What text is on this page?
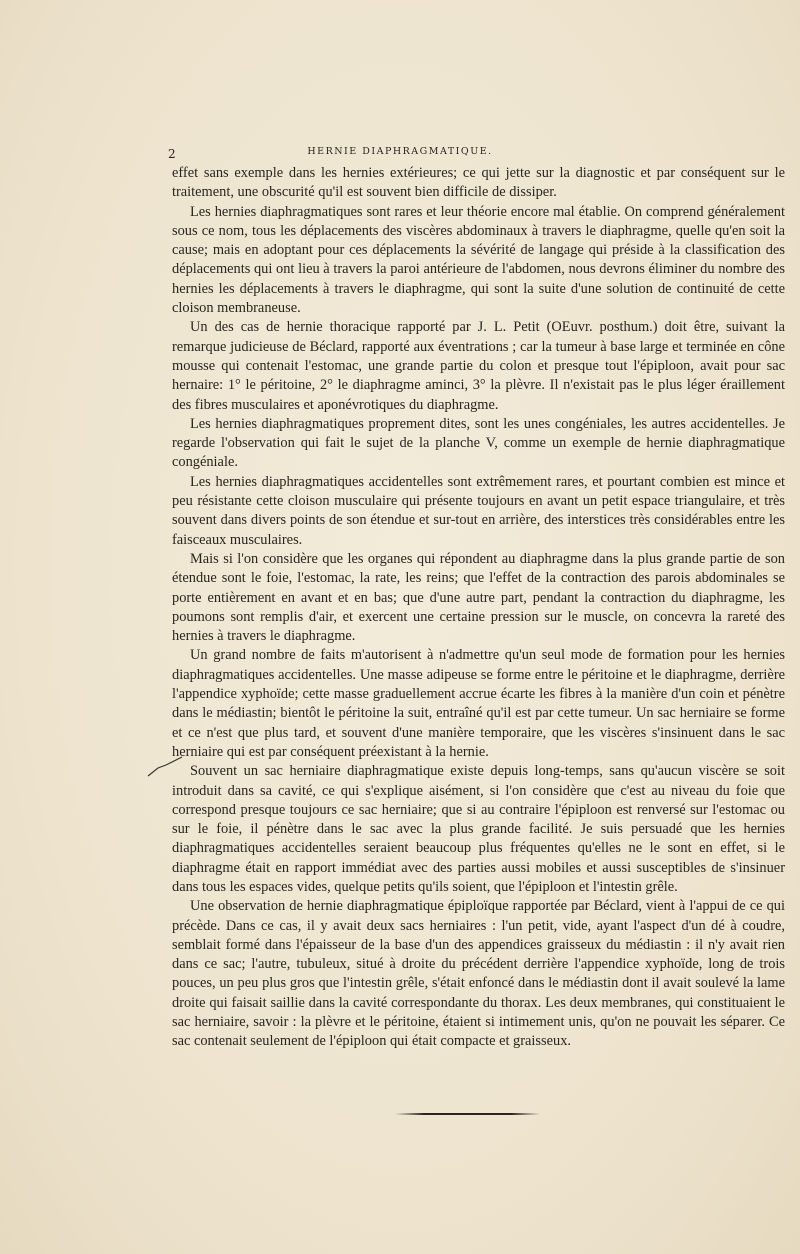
2	HERNIE DIAPHRAGMATIQUE.

effet sans exemple dans les hernies extérieures; ce qui jette sur la diagnostic et par conséquent sur le traitement, une obscurité qu'il est souvent bien difficile de dissiper.

Les hernies diaphragmatiques sont rares et leur théorie encore mal établie. On comprend généralement sous ce nom, tous les déplacements des viscères abdominaux à travers le diaphragme, quelle qu'en soit la cause; mais en adoptant pour ces déplacements la sévérité de langage qui préside à la classification des déplacements qui ont lieu à travers la paroi antérieure de l'abdomen, nous devrons éliminer du nombre des hernies les déplacements à travers le diaphragme, qui sont la suite d'une solution de continuité de cette cloison membraneuse.

Un des cas de hernie thoracique rapporté par J. L. Petit (OEuvr. posthum.) doit être, suivant la remarque judicieuse de Béclard, rapporté aux éventrations ; car la tumeur à base large et terminée en cône mousse qui contenait l'estomac, une grande partie du colon et presque tout l'épiploon, avait pour sac hernaire: 1° le péritoine, 2° le diaphragme aminci, 3° la plèvre. Il n'existait pas le plus léger éraillement des fibres musculaires et aponévrotiques du diaphragme.

Les hernies diaphragmatiques proprement dites, sont les unes congéniales, les autres accidentelles. Je regarde l'observation qui fait le sujet de la planche V, comme un exemple de hernie diaphragmatique congéniale.

Les hernies diaphragmatiques accidentelles sont extrêmement rares, et pourtant combien est mince et peu résistante cette cloison musculaire qui présente toujours en avant un petit espace triangulaire, et très souvent dans divers points de son étendue et sur-tout en arrière, des interstices très considérables entre les faisceaux musculaires.

Mais si l'on considère que les organes qui répondent au diaphragme dans la plus grande partie de son étendue sont le foie, l'estomac, la rate, les reins; que l'effet de la contraction des parois abdominales se porte entièrement en avant et en bas; que d'une autre part, pendant la contraction du diaphragme, les poumons sont remplis d'air, et exercent une certaine pression sur le muscle, on concevra la rareté des hernies à travers le diaphragme.

Un grand nombre de faits m'autorisent à n'admettre qu'un seul mode de formation pour les hernies diaphragmatiques accidentelles. Une masse adipeuse se forme entre le péritoine et le diaphragme, derrière l'appendice xyphoïde; cette masse graduellement accrue écarte les fibres à la manière d'un coin et pénètre dans le médiastin; bientôt le péritoine la suit, entraîné qu'il est par cette tumeur. Un sac herniaire se forme et ce n'est que plus tard, et souvent d'une manière temporaire, que les viscères s'insinuent dans le sac herniaire qui est par conséquent préexistant à la hernie.

Souvent un sac herniaire diaphragmatique existe depuis long-temps, sans qu'aucun viscère se soit introduit dans sa cavité, ce qui s'explique aisément, si l'on considère que c'est au niveau du foie que correspond presque toujours ce sac herniaire; que si au contraire l'épiploon est renversé sur l'estomac ou sur le foie, il pénètre dans le sac avec la plus grande facilité. Je suis persuadé que les hernies diaphragmatiques accidentelles seraient beaucoup plus fréquentes qu'elles ne le sont en effet, si le diaphragme était en rapport immédiat avec des parties aussi mobiles et aussi susceptibles de s'insinuer dans tous les espaces vides, quelque petits qu'ils soient, que l'épiploon et l'intestin grêle.

Une observation de hernie diaphragmatique épiploïque rapportée par Béclard, vient à l'appui de ce qui précède. Dans ce cas, il y avait deux sacs herniaires : l'un petit, vide, ayant l'aspect d'un dé à coudre, semblait formé dans l'épaisseur de la base d'un des appendices graisseux du médiastin : il n'y avait rien dans ce sac; l'autre, tubuleux, situé à droite du précédent derrière l'appendice xyphoïde, long de trois pouces, un peu plus gros que l'intestin grêle, s'était enfoncé dans le médiastin dont il avait soulevé la lame droite qui faisait saillie dans la cavité correspondante du thorax. Les deux membranes, qui constituaient le sac herniaire, savoir : la plèvre et le péritoine, étaient si intimement unis, qu'on ne pouvait les séparer. Ce sac contenait seulement de l'épiploon qui était compacte et graisseux.
